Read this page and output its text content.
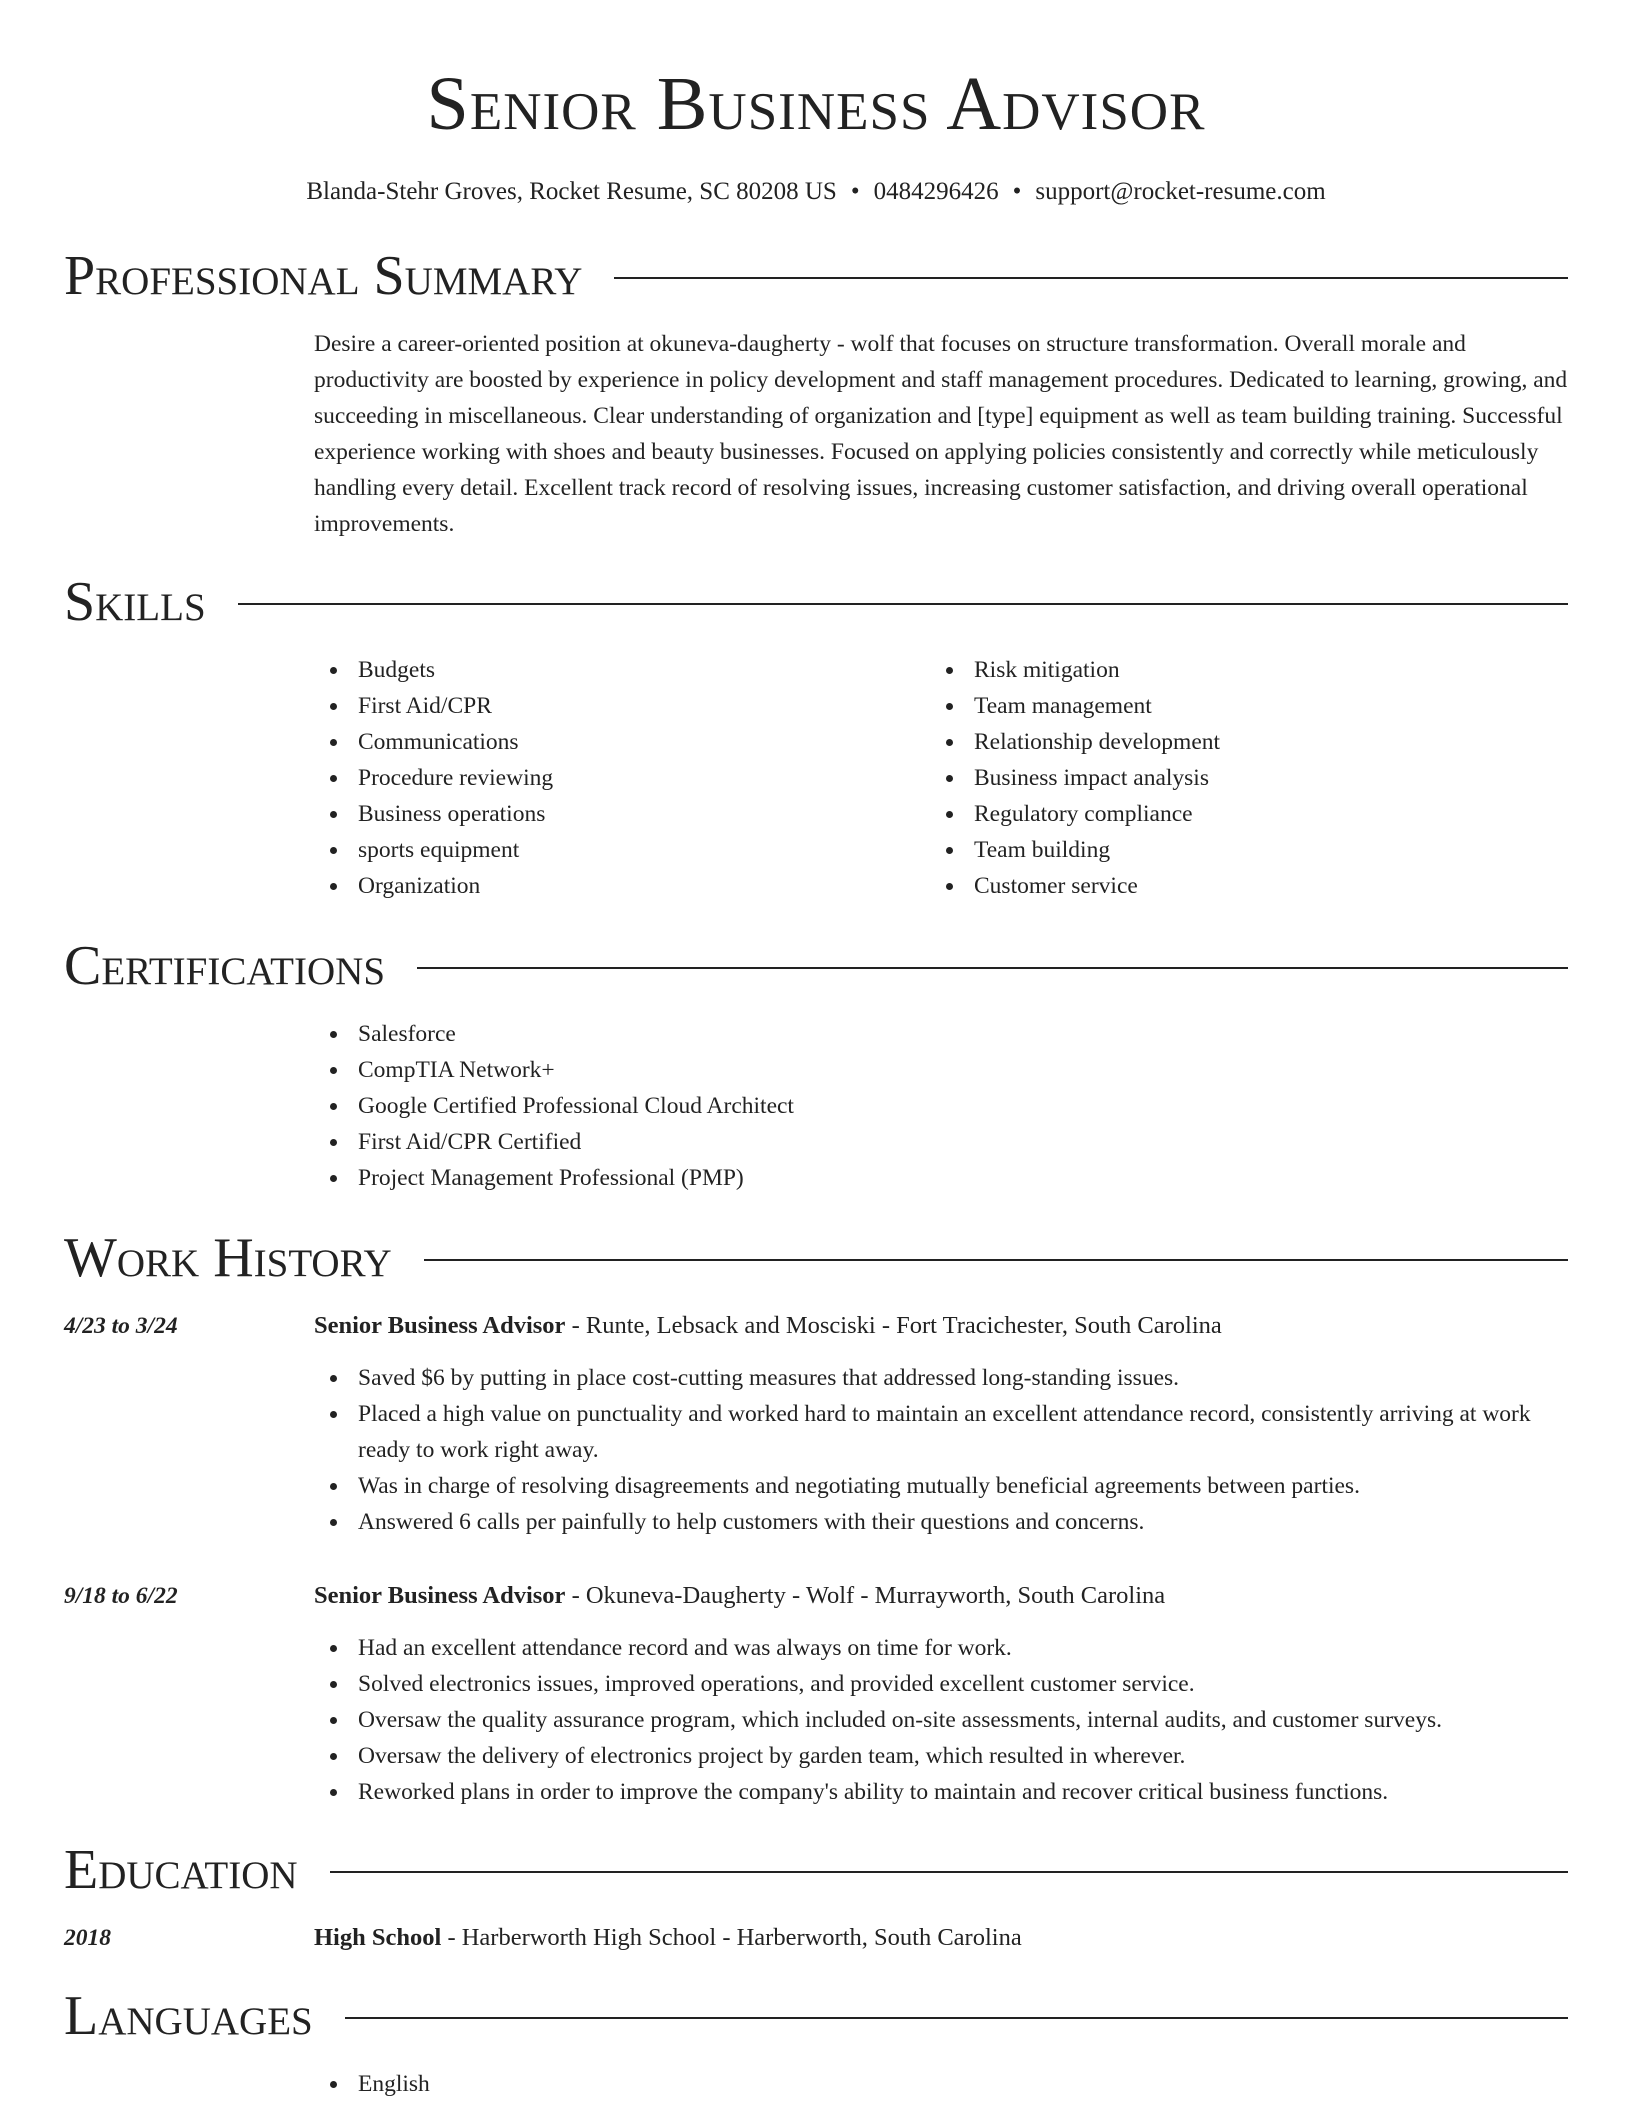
Senior Business Advisor
Blanda-Stehr Groves, Rocket Resume, SC 80208 US • 0484296426 • support@rocket-resume.com
Professional Summary

Desire a career-oriented position at okuneva-daugherty - wolf that focuses on structure transformation. Overall morale and productivity are boosted by experience in policy development and staff management procedures. Dedicated to learning, growing, and succeeding in miscellaneous. Clear understanding of organization and [type] equipment as well as team building training. Successful experience working with shoes and beauty businesses. Focused on applying policies consistently and correctly while meticulously handling every detail. Excellent track record of resolving issues, increasing customer satisfaction, and driving overall operational improvements.

Skills
Budgets
First Aid/CPR
Communications
Procedure reviewing
Business operations
sports equipment
Organization
Risk mitigation
Team management
Relationship development
Business impact analysis
Regulatory compliance
Team building
Customer service
Certifications
Salesforce
CompTIA Network+
Google Certified Professional Cloud Architect
First Aid/CPR Certified
Project Management Professional (PMP)
Work History
4/23 to 3/24	Senior Business Advisor - Runte, Lebsack and Mosciski - Fort Tracichester, South Carolina
Saved $6 by putting in place cost-cutting measures that addressed long-standing issues.
Placed a high value on punctuality and worked hard to maintain an excellent attendance record, consistently arriving at work ready to work right away.
Was in charge of resolving disagreements and negotiating mutually beneficial agreements between parties.
Answered 6 calls per painfully to help customers with their questions and concerns.
9/18 to 6/22	Senior Business Advisor - Okuneva-Daugherty - Wolf - Murrayworth, South Carolina
Had an excellent attendance record and was always on time for work.
Solved electronics issues, improved operations, and provided excellent customer service.
Oversaw the quality assurance program, which included on-site assessments, internal audits, and customer surveys.
Oversaw the delivery of electronics project by garden team, which resulted in wherever.
Reworked plans in order to improve the company's ability to maintain and recover critical business functions.
Education
2018	High School - Harberworth High School - Harberworth, South Carolina
Languages
English
